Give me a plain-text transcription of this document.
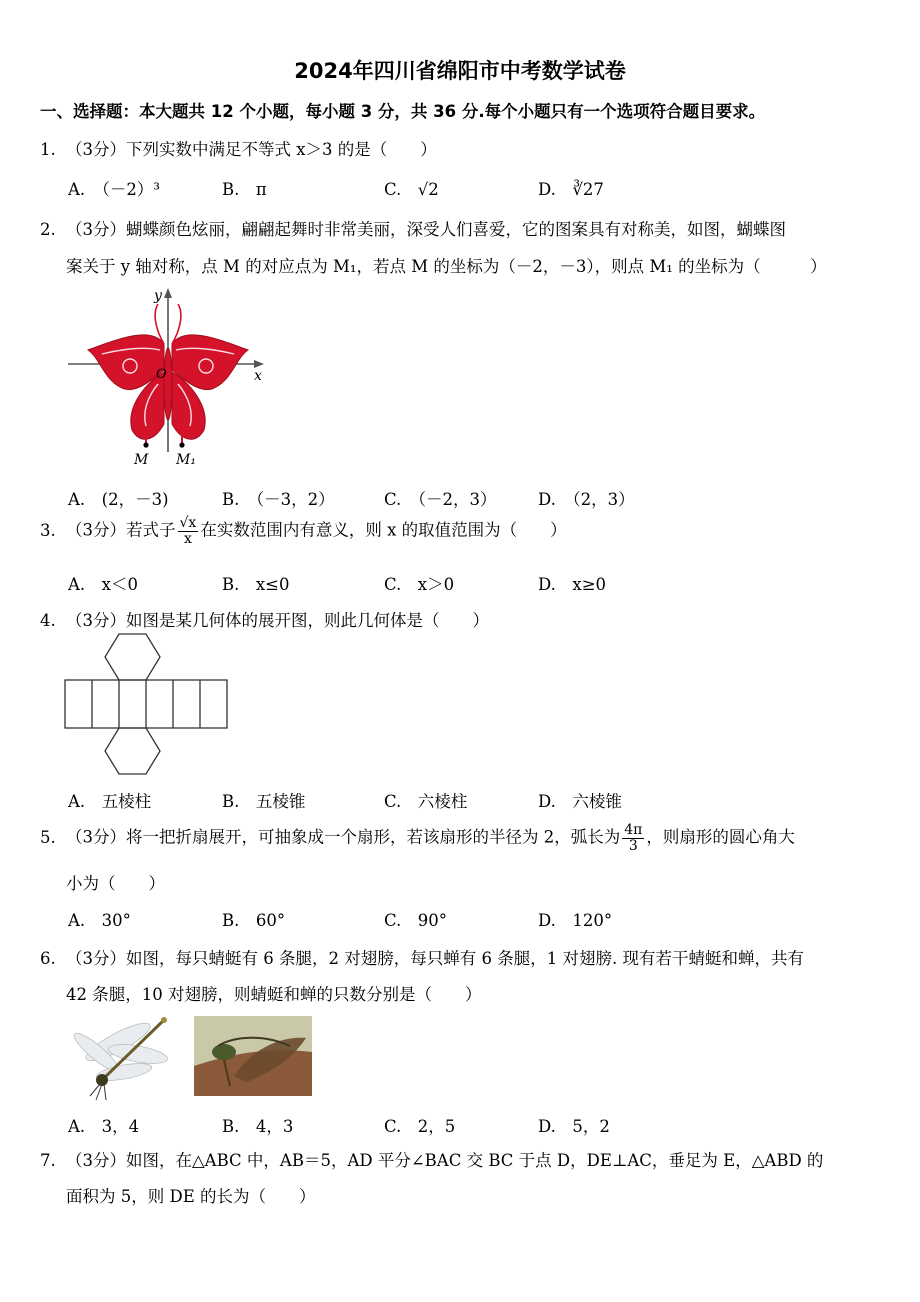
2024年四川省绵阳市中考数学试卷
一、选择题：本大题共 12 个小题，每小题 3 分，共 36 分.每个小题只有一个选项符合题目要求。
1. （3分）下列实数中满足不等式 x＞3 的是（　　）
A.　（－2）³	B.　π	C.　√2	D.　∛27
2. （3分）蝴蝶颜色炫丽，翩翩起舞时非常美丽，深受人们喜爱，它的图案具有对称美，如图，蝴蝶图
案关于 y 轴对称，点 M 的对应点为 M₁，若点 M 的坐标为（－2，－3），则点 M₁ 的坐标为（　　　）
y
x
O
M M₁
A.　(2，－3)	B.　（－3，2）	C.　（－2，3）	D.　（2，3）
3. （3分）若式子 $\frac{√x}{x}$ 在实数范围内有意义，则 x 的取值范围为（　　）
A.　x＜0	B.　x≤0	C.　x＞0	D.　x≥0
4. （3分）如图是某几何体的展开图，则此几何体是（　　）
A.　五棱柱	B.　五棱锥	C.　六棱柱	D.　六棱锥
5. （3分）将一把折扇展开，可抽象成一个扇形，若该扇形的半径为 2，弧长为 $\frac{4\pi}{3}$ ，则扇形的圆心角大
小为（　　）
A.　30°	B.　60°	C.　90°	D.　120°
6. （3分）如图，每只蜻蜓有 6 条腿，2 对翅膀，每只蝉有 6 条腿，1 对翅膀. 现有若干蜻蜓和蝉，共有
42 条腿，10 对翅膀，则蜻蜓和蝉的只数分别是（　　）
A.　3，4	B.　4，3	C.　2，5	D.　5，2
7. （3分）如图，在△ABC 中，AB＝5，AD 平分∠BAC 交 BC 于点 D，DE⊥AC，垂足为 E，△ABD 的
面积为 5，则 DE 的长为（　　）
